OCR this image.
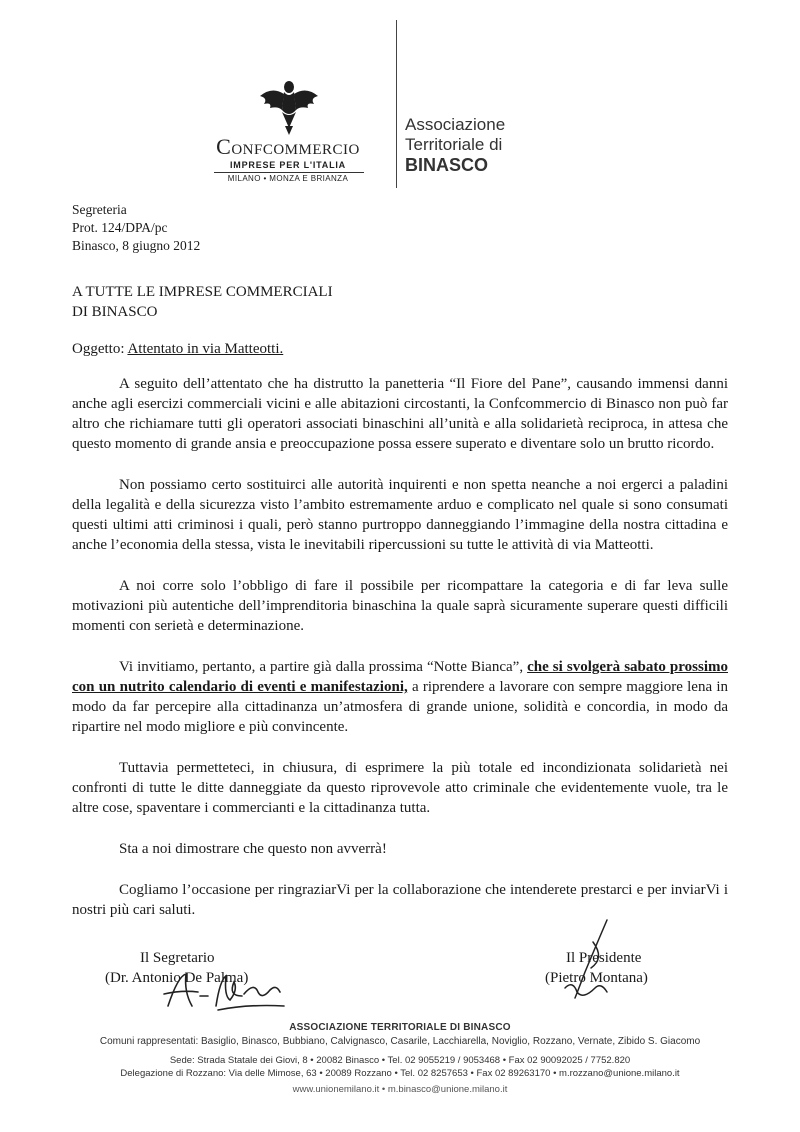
Confcommercio
IMPRESE PER L'ITALIA
MILANO • MONZA E BRIANZA
Associazione
Territoriale di
BINASCO
Segreteria
Prot. 124/DPA/pc
Binasco, 8 giugno 2012
A TUTTE LE IMPRESE COMMERCIALI
DI BINASCO
Oggetto: Attentato in via Matteotti.

A seguito dell’attentato che ha distrutto la panetteria “Il Fiore del Pane”, causando immensi danni anche agli esercizi commerciali vicini e alle abitazioni circostanti, la Confcommercio di Binasco non può far altro che richiamare tutti gli operatori associati binaschini all’unità e alla solidarietà reciproca, in attesa che questo momento di grande ansia e preoccupazione possa essere superato e diventare solo un brutto ricordo.

Non possiamo certo sostituirci alle autorità inquirenti e non spetta neanche a noi ergerci a paladini della legalità e della sicurezza visto l’ambito estremamente arduo e complicato nel quale si sono consumati questi ultimi atti criminosi i quali, però stanno purtroppo danneggiando l’immagine della nostra cittadina e anche l’economia della stessa, vista le inevitabili ripercussioni su tutte le attività di via Matteotti.

A noi corre solo l’obbligo di fare il possibile per ricompattare la categoria e di far leva sulle motivazioni più autentiche dell’imprenditoria binaschina la quale saprà sicuramente superare questi difficili momenti con serietà e determinazione.

Vi invitiamo, pertanto, a partire già dalla prossima “Notte Bianca”, che si svolgerà sabato prossimo con un nutrito calendario di eventi e manifestazioni, a riprendere a lavorare con sempre maggiore lena in modo da far percepire alla cittadinanza un’atmosfera di grande unione, solidità e concordia, in modo da ripartire nel modo migliore e più convincente.

Tuttavia permetteteci, in chiusura, di esprimere la più totale ed incondizionata solidarietà nei confronti di tutte le ditte danneggiate da questo riprovevole atto criminale che evidentemente vuole, tra le altre cose, spaventare i commercianti e la cittadinanza tutta.

Sta a noi dimostrare che questo non avverrà!

Cogliamo l’occasione per ringraziarVi per la collaborazione che intenderete prestarci e per inviarVi i nostri più cari saluti.

Il Segretario
(Dr. Antonio De Palma)
Il Presidente
(Pietro Montana)
ASSOCIAZIONE TERRITORIALE DI BINASCO
Comuni rappresentati: Basiglio, Binasco, Bubbiano, Calvignasco, Casarile, Lacchiarella, Noviglio, Rozzano, Vernate, Zibido S. Giacomo
Sede: Strada Statale dei Giovi, 8 • 20082 Binasco • Tel. 02 9055219 / 9053468 • Fax 02 90092025 / 7752.820
Delegazione di Rozzano: Via delle Mimose, 63 • 20089 Rozzano • Tel. 02 8257653 • Fax 02 89263170 • m.rozzano@unione.milano.it
www.unionemilano.it • m.binasco@unione.milano.it
